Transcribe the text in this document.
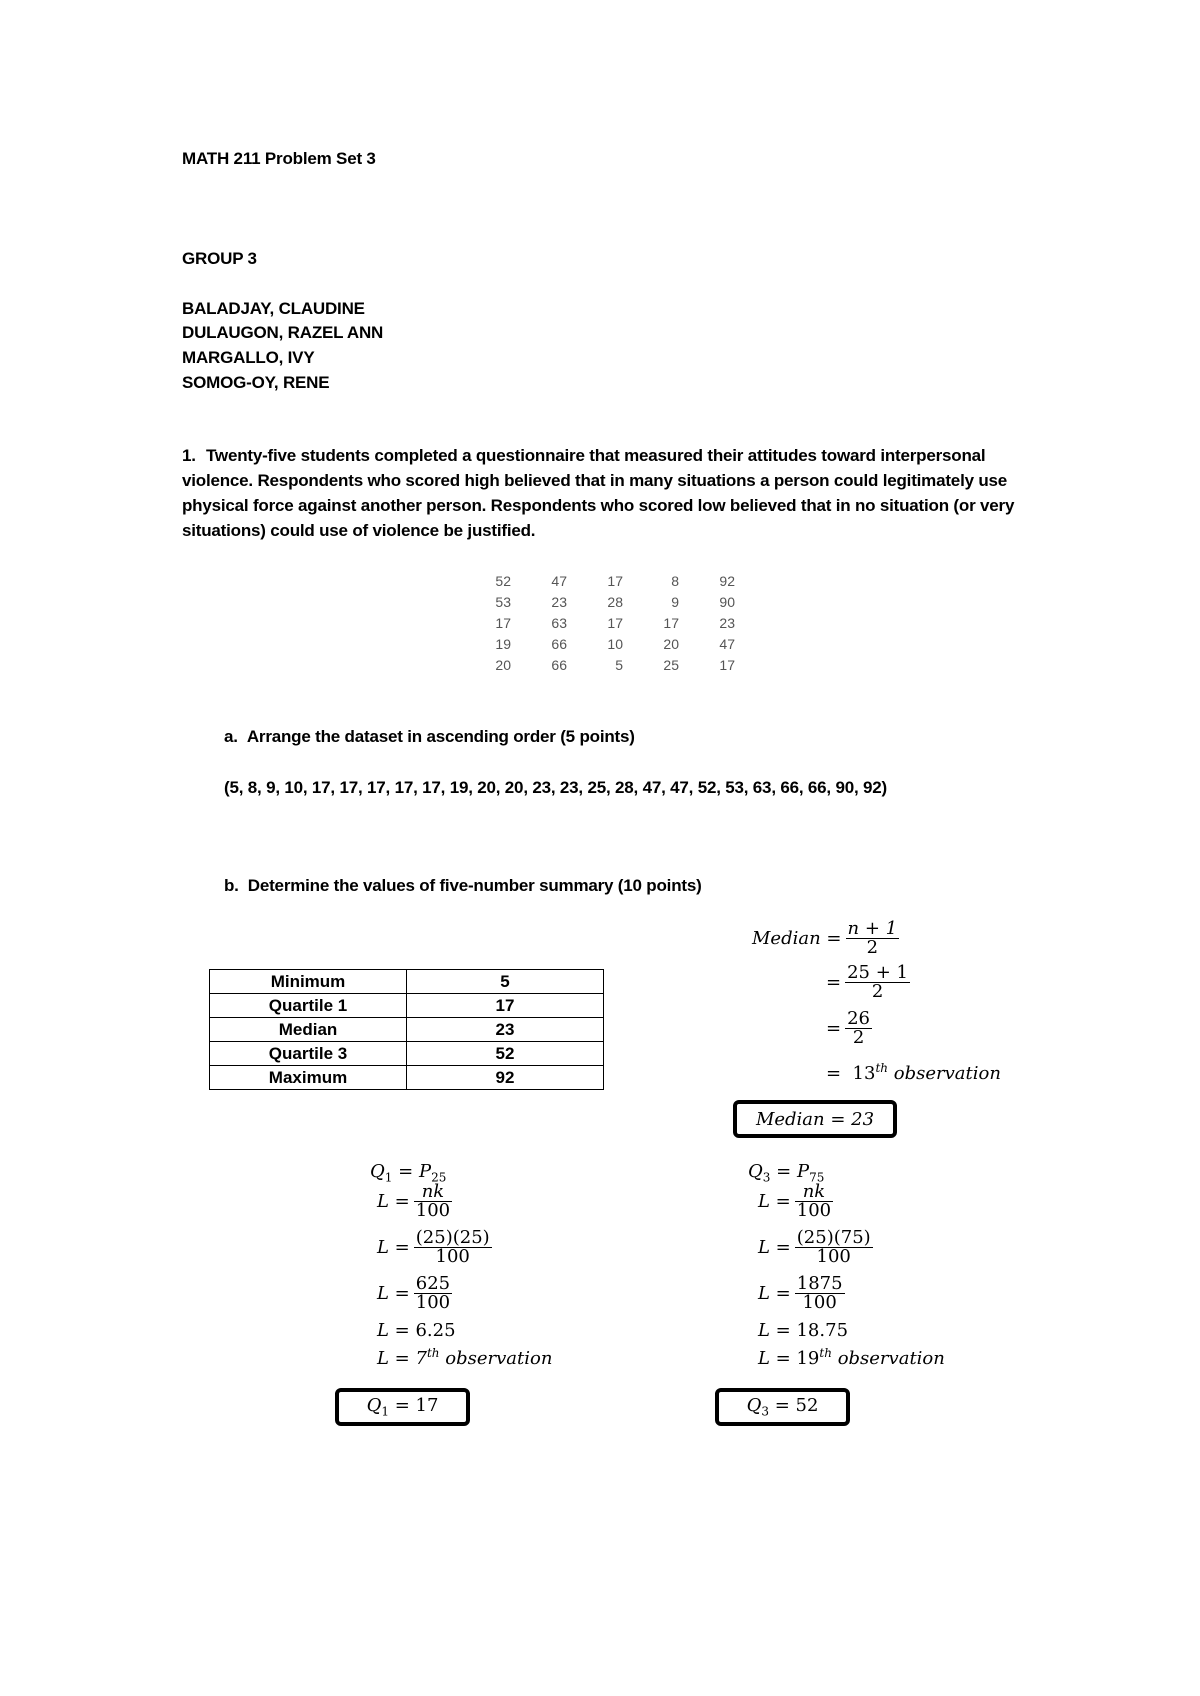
MATH 211 Problem Set 3
GROUP 3
BALADJAY, CLAUDINE
DULAUGON, RAZEL ANN
MARGALLO, IVY
SOMOG-OY, RENE
1. Twenty-five students completed a questionnaire that measured their attitudes toward interpersonal violence. Respondents who scored high believed that in many situations a person could legitimately use physical force against another person. Respondents who scored low believed that in no situation (or very situations) could use of violence be justified.
52	47	17	8	92
53	23	28	9	90
17	63	17	17	23
19	66	10	20	47
20	66	5	25	17
a. Arrange the dataset in ascending order (5 points)
(5, 8, 9, 10, 17, 17, 17, 17, 17, 19, 20, 20, 23, 23, 25, 28, 47, 47, 52, 53, 63, 66, 66, 90, 92)
b. Determine the values of five-number summary (10 points)
Minimum	5
Quartile 1	17
Median	23
Quartile 3	52
Maximum	92
Median = $\frac{n + 1}{2}$
= $\frac{25 + 1}{2}$
= $\frac{26}{2}$
=  13th observation
Median = 23
$Q_1 = P_{25}$
$L = \frac{nk}{100}$
$L = \frac{(25)(25)}{100}$
$L = \frac{625}{100}$
L = 6.25
L = 7th observation
$Q_1 = 17$
$Q_3 = P_{75}$
$L = \frac{nk}{100}$
$L = \frac{(25)(75)}{100}$
$L = \frac{1875}{100}$
L = 18.75
L = 19th observation
$Q_3 = 52$
